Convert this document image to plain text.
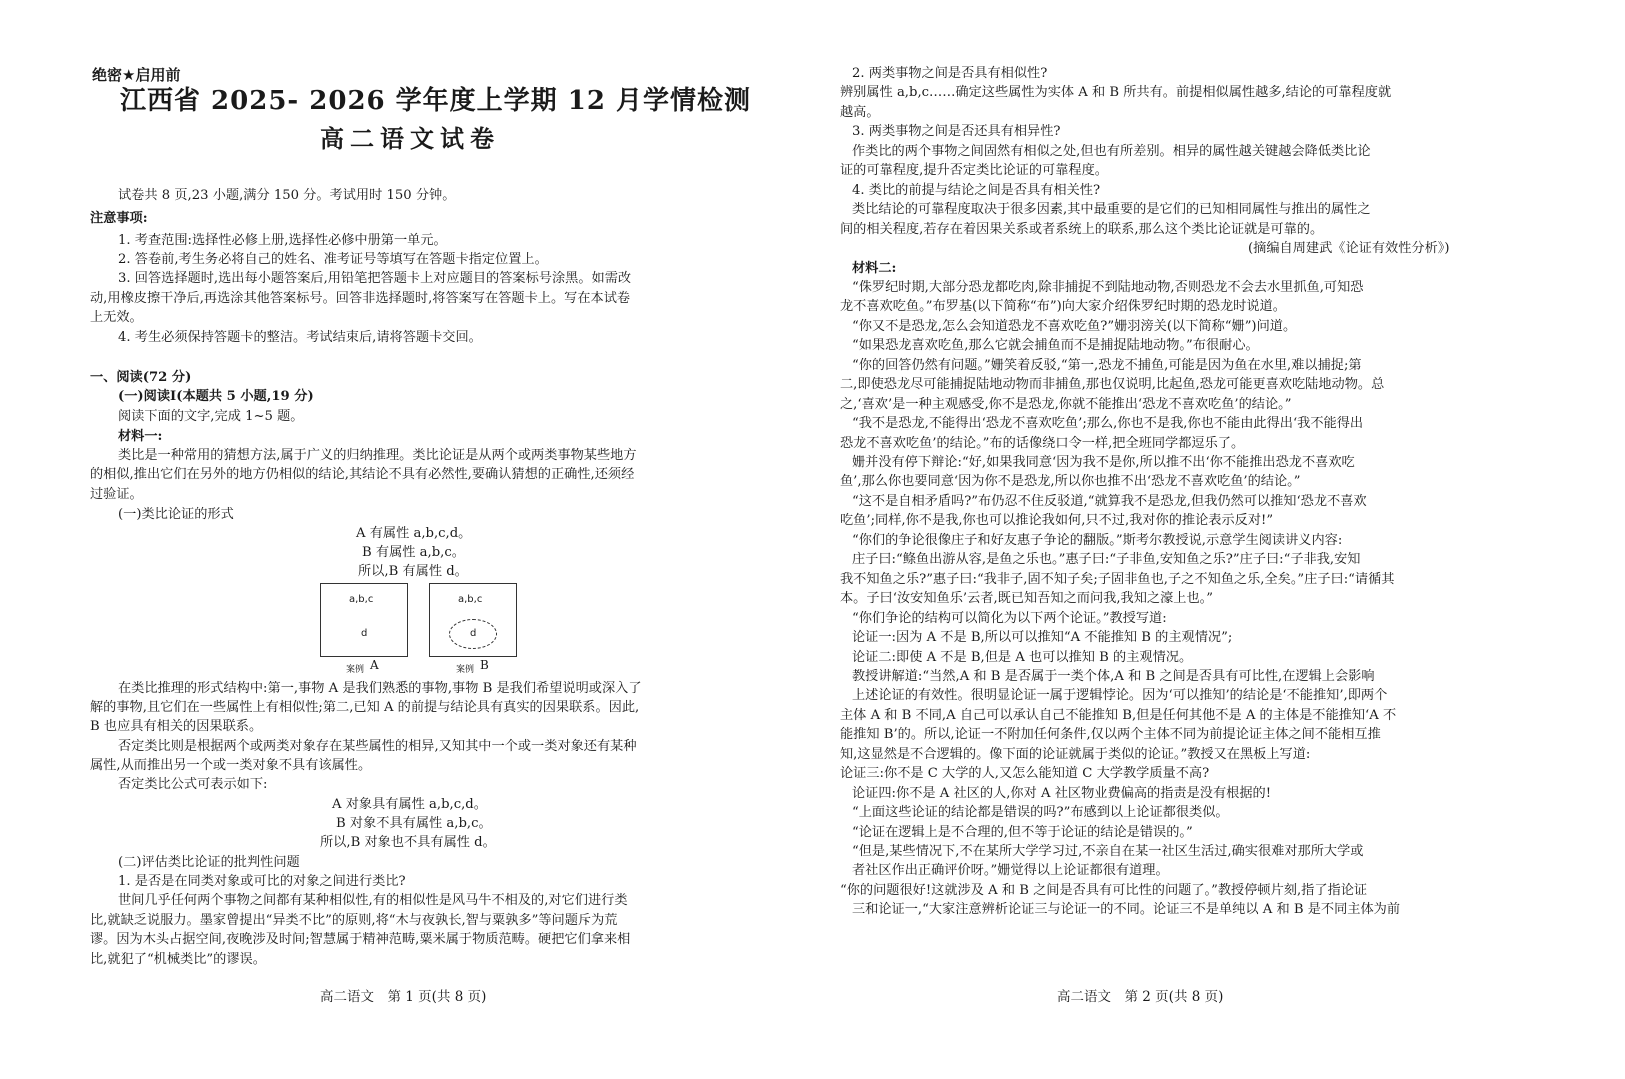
绝密★启用前
江西省 2025- 2026 学年度上学期 12 月学情检测
高二语文试卷
试卷共 8 页,23 小题,满分 150 分。考试用时 150 分钟。
注意事项:
1. 考查范围:选择性必修上册,选择性必修中册第一单元。
2. 答卷前,考生务必将自己的姓名、准考证号等填写在答题卡指定位置上。
3. 回答选择题时,选出每小题答案后,用铅笔把答题卡上对应题目的答案标号涂黑。如需改
动,用橡皮擦干净后,再选涂其他答案标号。回答非选择题时,将答案写在答题卡上。写在本试卷
上无效。
4. 考生必须保持答题卡的整洁。考试结束后,请将答题卡交回。
一、阅读(72 分)
(一)阅读Ⅰ(本题共 5 小题,19 分)
阅读下面的文字,完成 1~5 题。
材料一:
类比是一种常用的猜想方法,属于广义的归纳推理。类比论证是从两个或两类事物某些地方
的相似,推出它们在另外的地方仍相似的结论,其结论不具有必然性,要确认猜想的正确性,还须经
过验证。
(一)类比论证的形式
A 有属性 a,b,c,d。
B 有属性 a,b,c。
所以,B 有属性 d。
a,b,c
d
案例 A
a,b,c
d
案例 B
在类比推理的形式结构中:第一,事物 A 是我们熟悉的事物,事物 B 是我们希望说明或深入了
解的事物,且它们在一些属性上有相似性;第二,已知 A 的前提与结论具有真实的因果联系。因此,
B 也应具有相关的因果联系。
否定类比则是根据两个或两类对象存在某些属性的相异,又知其中一个或一类对象还有某种
属性,从而推出另一个或一类对象不具有该属性。
否定类比公式可表示如下:
A 对象具有属性 a,b,c,d。
B 对象不具有属性 a,b,c。
所以,B 对象也不具有属性 d。
(二)评估类比论证的批判性问题
1. 是否是在同类对象或可比的对象之间进行类比?
世间几乎任何两个事物之间都有某种相似性,有的相似性是风马牛不相及的,对它们进行类
比,就缺乏说服力。墨家曾提出“异类不比”的原则,将“木与夜孰长,智与粟孰多”等问题斥为荒
谬。因为木头占据空间,夜晚涉及时间;智慧属于精神范畴,粟米属于物质范畴。硬把它们拿来相
比,就犯了“机械类比”的谬误。
高二语文　第 1 页(共 8 页)
2. 两类事物之间是否具有相似性?
辨别属性 a,b,c……确定这些属性为实体 A 和 B 所共有。前提相似属性越多,结论的可靠程度就
越高。
3. 两类事物之间是否还具有相异性?
作类比的两个事物之间固然有相似之处,但也有所差别。相异的属性越关键越会降低类比论
证的可靠程度,提升否定类比论证的可靠程度。
4. 类比的前提与结论之间是否具有相关性?
类比结论的可靠程度取决于很多因素,其中最重要的是它们的已知相同属性与推出的属性之
间的相关程度,若存在着因果关系或者系统上的联系,那么这个类比论证就是可靠的。
(摘编自周建武《论证有效性分析》)
材料二:
“侏罗纪时期,大部分恐龙都吃肉,除非捕捉不到陆地动物,否则恐龙不会去水里抓鱼,可知恐
龙不喜欢吃鱼。”布罗基(以下简称“布”)向大家介绍侏罗纪时期的恐龙时说道。
“你又不是恐龙,怎么会知道恐龙不喜欢吃鱼?”姗羽滂关(以下简称“姗”)问道。
“如果恐龙喜欢吃鱼,那么它就会捕鱼而不是捕捉陆地动物。”布很耐心。
“你的回答仍然有问题。”姗笑着反驳,“第一,恐龙不捕鱼,可能是因为鱼在水里,难以捕捉;第
二,即使恐龙尽可能捕捉陆地动物而非捕鱼,那也仅说明,比起鱼,恐龙可能更喜欢吃陆地动物。总
之,‘喜欢’是一种主观感受,你不是恐龙,你就不能推出‘恐龙不喜欢吃鱼’的结论。”
“我不是恐龙,不能得出‘恐龙不喜欢吃鱼’;那么,你也不是我,你也不能由此得出‘我不能得出
恐龙不喜欢吃鱼’的结论。”布的话像绕口令一样,把全班同学都逗乐了。
姗并没有停下辩论:“好,如果我同意‘因为我不是你,所以推不出‘你不能推出恐龙不喜欢吃
鱼’,那么你也要同意‘因为你不是恐龙,所以你也推不出‘恐龙不喜欢吃鱼’的结论。”
“这不是自相矛盾吗?”布仍忍不住反驳道,“就算我不是恐龙,但我仍然可以推知‘恐龙不喜欢
吃鱼’;同样,你不是我,你也可以推论我如何,只不过,我对你的推论表示反对!”
“你们的争论很像庄子和好友惠子争论的翻版。”斯考尔教授说,示意学生阅读讲义内容:
庄子曰:“鲦鱼出游从容,是鱼之乐也。”惠子曰:“子非鱼,安知鱼之乐?”庄子曰:“子非我,安知
我不知鱼之乐?”惠子曰:“我非子,固不知子矣;子固非鱼也,子之不知鱼之乐,全矣。”庄子曰:“请循其
本。子曰‘汝安知鱼乐’云者,既已知吾知之而问我,我知之濠上也。”
“你们争论的结构可以简化为以下两个论证。”教授写道:
论证一:因为 A 不是 B,所以可以推知“A 不能推知 B 的主观情况”;
论证二:即使 A 不是 B,但是 A 也可以推知 B 的主观情况。
教授讲解道:“当然,A 和 B 是否属于一类个体,A 和 B 之间是否具有可比性,在逻辑上会影响
上述论证的有效性。很明显论证一属于逻辑悖论。因为‘可以推知’的结论是‘不能推知’,即两个
主体 A 和 B 不同,A 自己可以承认自己不能推知 B,但是任何其他不是 A 的主体是不能推知‘A 不
能推知 B’的。所以,论证一不附加任何条件,仅以两个主体不同为前提论证主体之间不能相互推
知,这显然是不合逻辑的。像下面的论证就属于类似的论证。”教授又在黑板上写道:
论证三:你不是 C 大学的人,又怎么能知道 C 大学教学质量不高?
论证四:你不是 A 社区的人,你对 A 社区物业费偏高的指责是没有根据的!
“上面这些论证的结论都是错误的吗?”布感到以上论证都很类似。
“论证在逻辑上是不合理的,但不等于论证的结论是错误的。”
“但是,某些情况下,不在某所大学学习过,不亲自在某一社区生活过,确实很难对那所大学或
者社区作出正确评价呀。”姗觉得以上论证都很有道理。
“你的问题很好!这就涉及 A 和 B 之间是否具有可比性的问题了。”教授停顿片刻,指了指论证
三和论证一,“大家注意辨析论证三与论证一的不同。论证三不是单纯以 A 和 B 是不同主体为前
高二语文　第 2 页(共 8 页)
